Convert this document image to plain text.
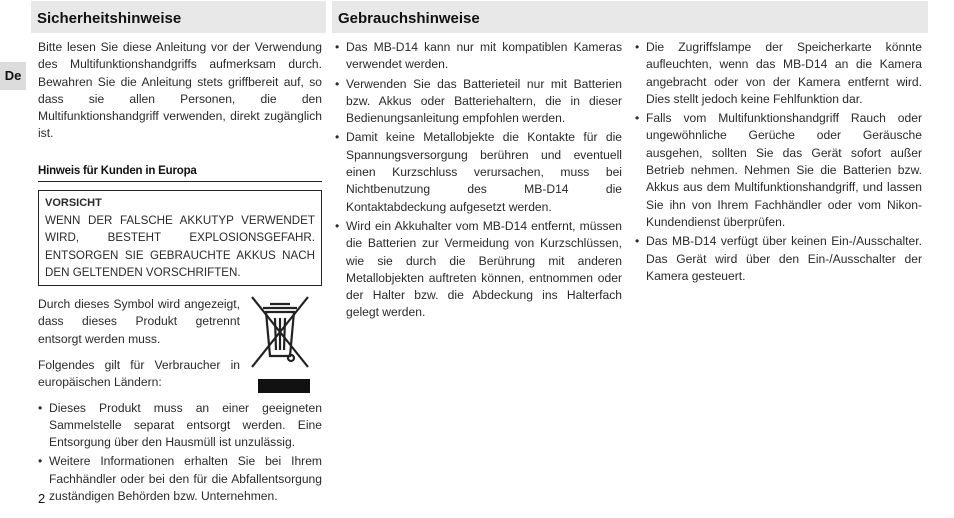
Sicherheitshinweise	Gebrauchshinweise
De

Bitte lesen Sie diese Anleitung vor der Verwendung des Multifunktionshandgriffs aufmerksam durch. Bewahren Sie die Anleitung stets griffbereit auf, so dass sie allen Personen, die den Multifunktionshandgriff verwenden, direkt zugänglich ist.

Hinweis für Kunden in Europa
VORSICHT
WENN DER FALSCHE AKKUTYP VERWENDET WIRD, BESTEHT EXPLOSIONSGEFAHR. ENTSORGEN SIE GEBRAUCHTE AKKUS NACH DEN GELTENDEN VORSCHRIFTEN.

Durch dieses Symbol wird angezeigt, dass dieses Produkt getrennt entsorgt werden muss.

Folgendes gilt für Verbraucher in europäischen Ländern:

• Dieses Produkt muss an einer geeigneten Sammelstelle separat entsorgt werden. Eine Entsorgung über den Hausmüll ist unzulässig.
• Weitere Informationen erhalten Sie bei Ihrem Fachhändler oder bei den für die Abfallentsorgung zuständigen Behörden bzw. Unternehmen.
• Das MB-D14 kann nur mit kompatiblen Kameras verwendet werden.
• Verwenden Sie das Batterieteil nur mit Batterien bzw. Akkus oder Batteriehaltern, die in dieser Bedienungsanleitung empfohlen werden.
• Damit keine Metallobjekte die Kontakte für die Spannungsversorgung berühren und eventuell einen Kurzschluss verursachen, muss bei Nichtbenutzung des MB-D14 die Kontaktabdeckung aufgesetzt werden.
• Wird ein Akkuhalter vom MB-D14 entfernt, müssen die Batterien zur Vermeidung von Kurzschlüssen, wie sie durch die Berührung mit anderen Metallobjekten auftreten können, entnommen oder der Halter bzw. die Abdeckung ins Halterfach gelegt werden.
• Die Zugriffslampe der Speicherkarte könnte aufleuchten, wenn das MB-D14 an die Kamera angebracht oder von der Kamera entfernt wird. Dies stellt jedoch keine Fehlfunktion dar.
• Falls vom Multifunktionshandgriff Rauch oder ungewöhnliche Gerüche oder Geräusche ausgehen, sollten Sie das Gerät sofort außer Betrieb nehmen. Nehmen Sie die Batterien bzw. Akkus aus dem Multifunktionshandgriff, und lassen Sie ihn von Ihrem Fachhändler oder vom Nikon-Kundendienst überprüfen.
• Das MB-D14 verfügt über keinen Ein-/Ausschalter. Das Gerät wird über den Ein-/Ausschalter der Kamera gesteuert.
2
